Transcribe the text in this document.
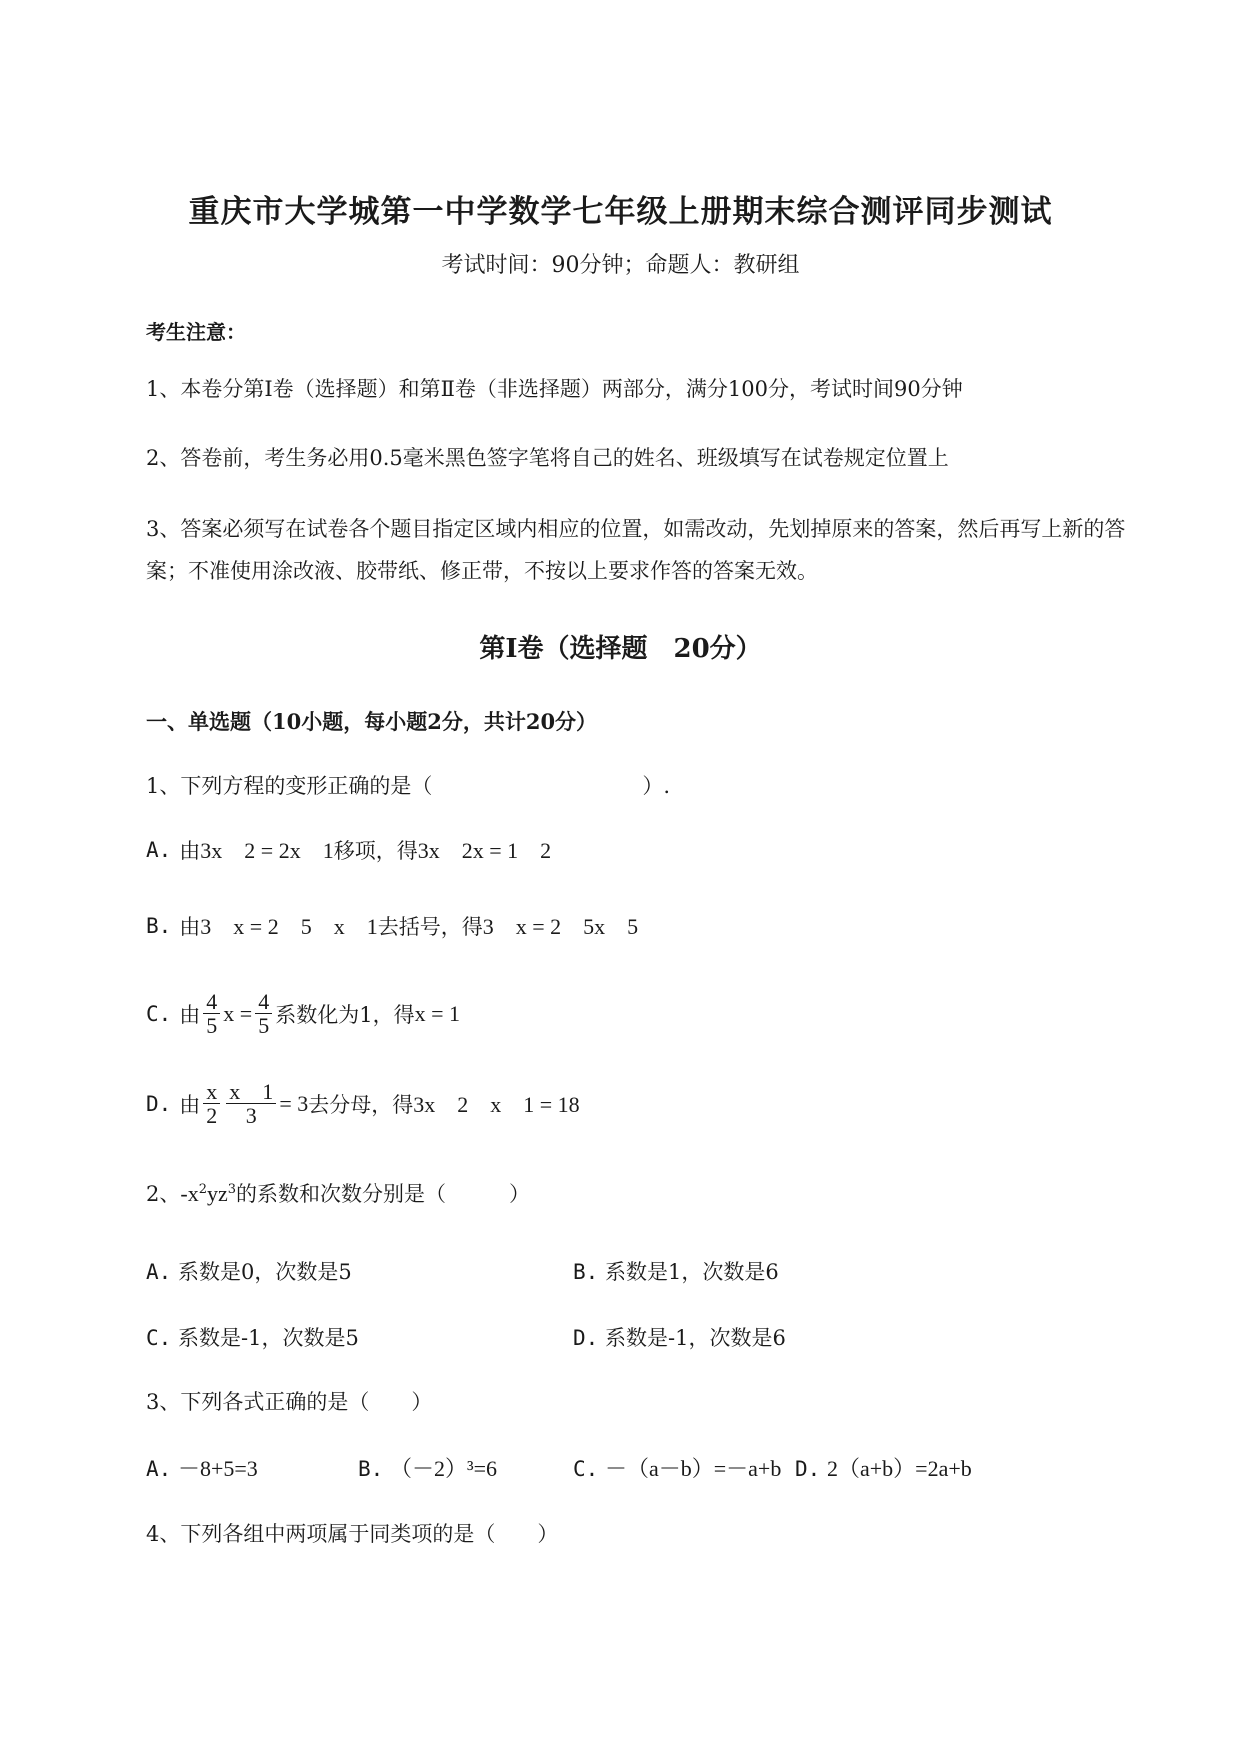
重庆市大学城第一中学数学七年级上册期末综合测评同步测试
考试时间：90分钟；命题人：教研组
考生注意：
1、本卷分第I卷（选择题）和第Ⅱ卷（非选择题）两部分，满分100分，考试时间90分钟
2、答卷前，考生务必用0.5毫米黑色签字笔将自己的姓名、班级填写在试卷规定位置上
3、答案必须写在试卷各个题目指定区域内相应的位置，如需改动，先划掉原来的答案，然后再写上新的答案；不准使用涂改液、胶带纸、修正带，不按以上要求作答的答案无效。
第I卷（选择题　20分）
一、单选题（10小题，每小题2分，共计20分）
1、下列方程的变形正确的是（　　　　　　　　　　）.
A. 由 3x　2 = 2x　1 移项，得 3x　2x = 1　2
B. 由 3　x = 2　5　x　1 去括号，得 3　x = 2　5x　5
C. 由 $\frac{4}{5}$ $x = \frac{4}{5}$ 系数化为1，得 x = 1
D. 由 $\frac{x}{2} \frac{x 1}{3} = 3$ 去分母，得 3x　2　x　1 = 18
2、$-x^2yz^3$的系数和次数分别是（　　　）
A. 系数是0，次数是5	B. 系数是1，次数是6
C. 系数是-1，次数是5	D. 系数是-1，次数是6
3、下列各式正确的是（　　）
A. －8+5=3	B. （－2）³=6	C. －（a－b）=－a+b D. 2（a+b）=2a+b
4、下列各组中两项属于同类项的是（　　）
